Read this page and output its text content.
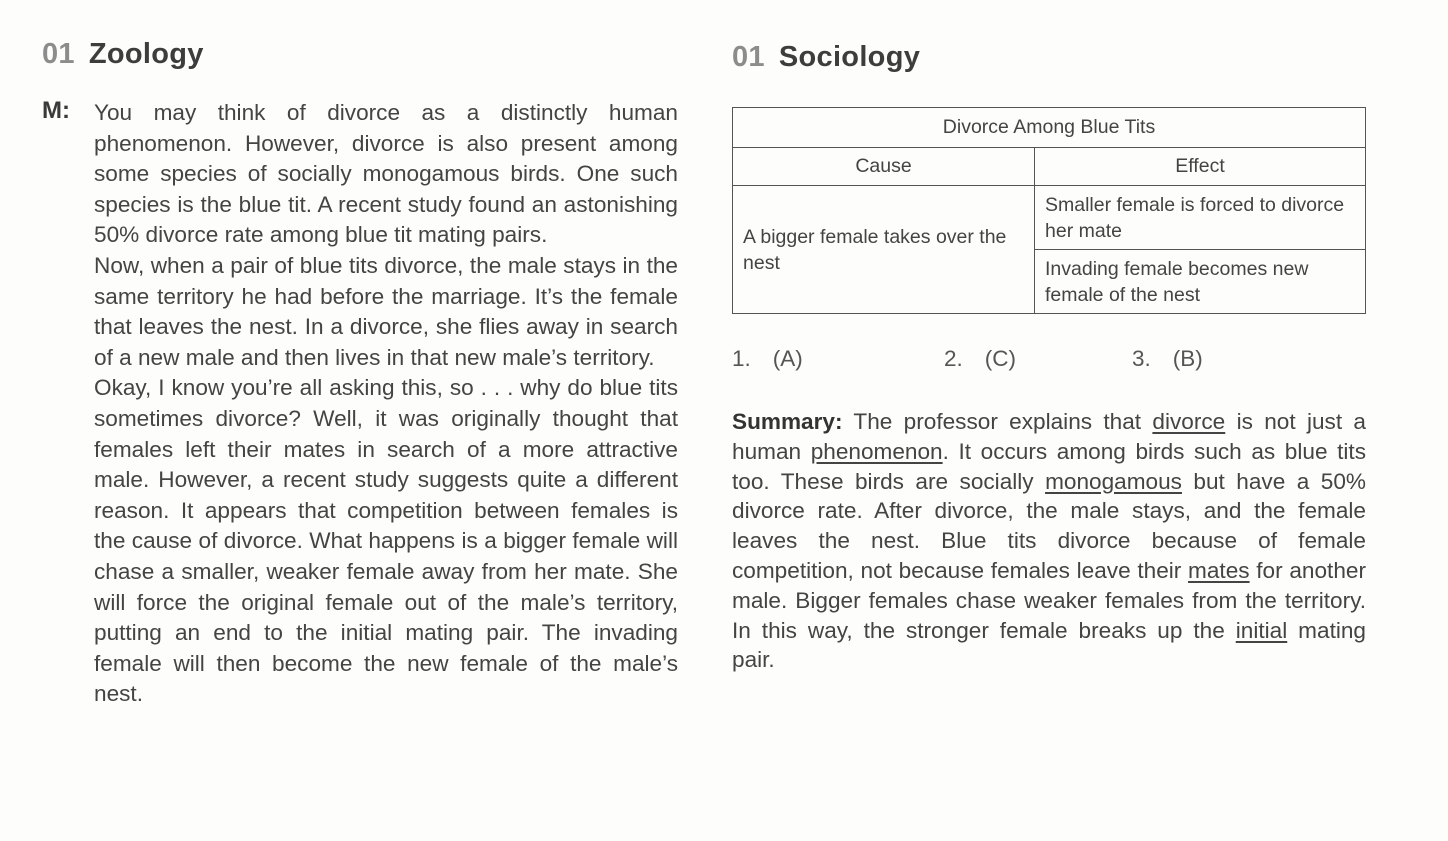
01 Zoology
M: You may think of divorce as a distinctly human phenomenon. However, divorce is also present among some species of socially monogamous birds. One such species is the blue tit. A recent study found an astonishing 50% divorce rate among blue tit mating pairs.

Now, when a pair of blue tits divorce, the male stays in the same territory he had before the marriage. It’s the female that leaves the nest. In a divorce, she flies away in search of a new male and then lives in that new male’s territory.

Okay, I know you’re all asking this, so . . . why do blue tits sometimes divorce? Well, it was originally thought that females left their mates in search of a more attractive male. However, a recent study suggests quite a different reason. It appears that competition between females is the cause of divorce. What happens is a bigger female will chase a smaller, weaker female away from her mate. She will force the original female out of the male’s territory, putting an end to the initial mating pair. The invading female will then become the new female of the male’s nest.

01 Sociology
Divorce Among Blue Tits	
Cause	Effect
A bigger female takes over the nest	Smaller female is forced to divorce her mate
	Invading female becomes new female of the nest
1. (A)	2. (C)	3. (B)
Summary: The professor explains that divorce is not just a human phenomenon. It occurs among birds such as blue tits too. These birds are socially monogamous but have a 50% divorce rate. After divorce, the male stays, and the female leaves the nest. Blue tits divorce because of female competition, not because females leave their mates for another male. Bigger females chase weaker females from the territory. In this way, the stronger female breaks up the initial mating pair.
